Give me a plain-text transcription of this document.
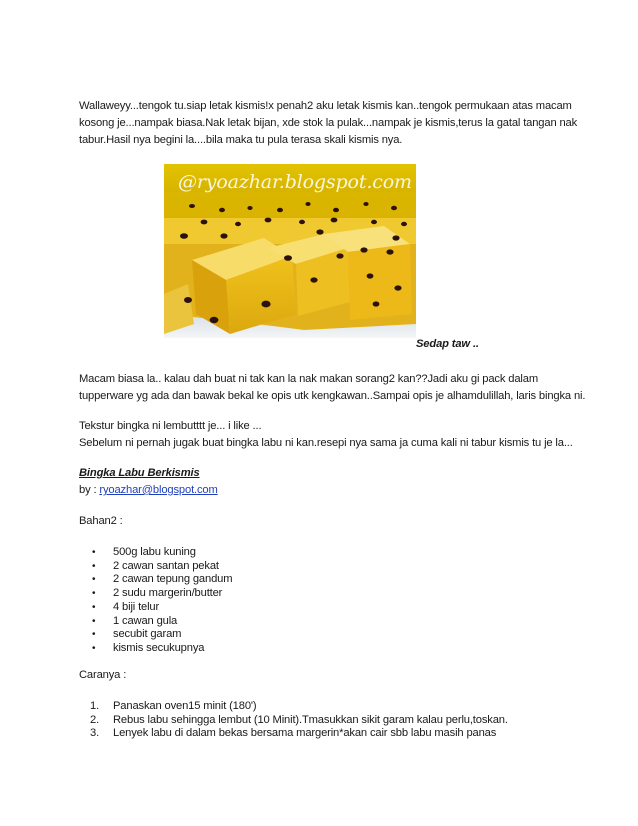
Wallaweyy...tengok tu.siap letak kismis!x penah2 aku letak kismis kan..tengok permukaan atas macam
kosong je...nampak biasa.Nak letak bijan, xde stok la pulak...nampak je kismis,terus la gatal tangan nak
tabur.Hasil nya begini la....bila maka tu pula terasa skali kismis nya.

@ryoazhar.blogspot.com
Sedap taw ..

Macam biasa la.. kalau dah buat ni tak kan la nak makan sorang2 kan??Jadi aku gi pack dalam
tupperware yg ada dan bawak bekal ke opis utk kengkawan..Sampai opis je alhamdulillah, laris bingka ni.

Tekstur bingka ni lembutttt je... i like ...
Sebelum ni pernah jugak buat bingka labu ni kan.resepi nya sama ja cuma kali ni tabur kismis tu je la...

Bingka Labu Berkismis
by : ryoazhar@blogspot.com

Bahan2 :

• 500g labu kuning
• 2 cawan santan pekat
• 2 cawan tepung gandum
• 2 sudu margerin/butter
• 4 biji telur
• 1 cawan gula
• secubit garam
• kismis secukupnya

Caranya :

1. Panaskan oven15 minit (180')
2. Rebus labu sehingga lembut (10 Minit).Tmasukkan sikit garam kalau perlu,toskan.
3. Lenyek labu di dalam bekas bersama margerin*akan cair sbb labu masih panas
